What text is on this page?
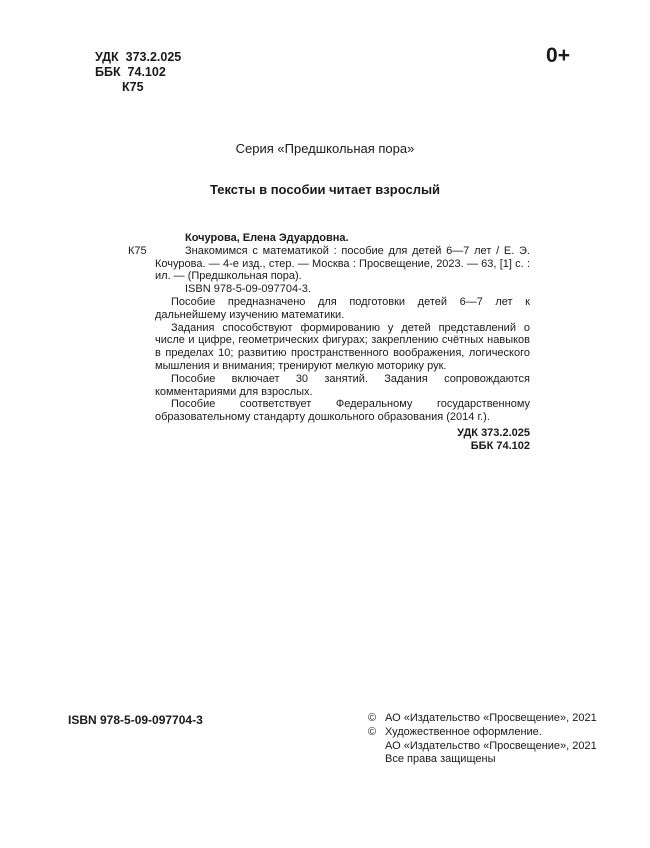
УДК  373.2.025
ББК  74.102
К75
0+
Серия «Предшкольная пора»
Тексты в пособии читает взрослый
Кочурова, Елена Эдуардовна.
К75	Знакомимся с математикой : пособие для детей 6—7 лет / Е. Э. Кочурова. — 4-е изд., стер. — Москва : Просвещение, 2023. — 63, [1] с. : ил. — (Предшкольная пора).

ISBN 978-5-09-097704-3.

Пособие предназначено для подготовки детей 6—7 лет к дальнейшему изучению математики.

Задания способствуют формированию у детей представлений о числе и цифре, геометрических фигурах; закреплению счётных навыков в пределах 10; развитию пространственного воображения, логического мышления и внимания; тренируют мелкую моторику рук.

Пособие включает 30 занятий. Задания сопровождаются комментариями для взрослых.

Пособие соответствует Федеральному государственному образовательному стандарту дошкольного образования (2014 г.).

УДК 373.2.025
ББК 74.102
ISBN 978-5-09-097704-3	© АО «Издательство «Просвещение», 2021
© Художественное оформление.
АО «Издательство «Просвещение», 2021
Все права защищены
